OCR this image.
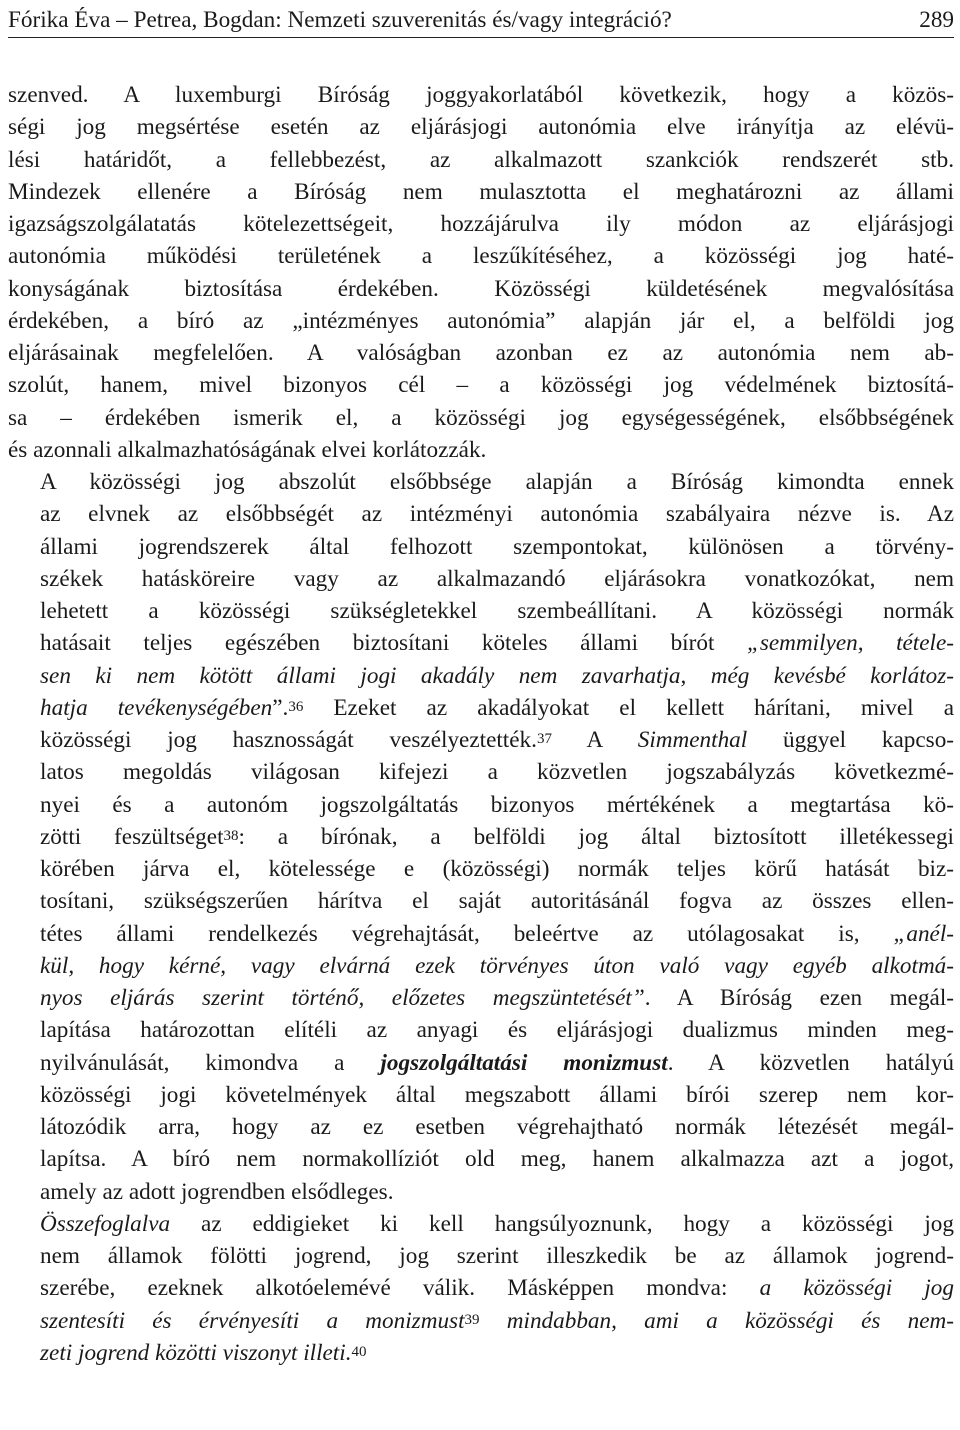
Fórika Éva – Petrea, Bogdan: Nemzeti szuverenitás és/vagy integráció?	289

szenved. A luxemburgi Bíróság joggyakorlatából következik, hogy a közös-
ségi jog megsértése esetén az eljárásjogi autonómia elve irányítja az elévü-
lési határidőt, a fellebbezést, az alkalmazott szankciók rendszerét stb.
Mindezek ellenére a Bíróság nem mulasztotta el meghatározni az állami
igazságszolgálatatás kötelezettségeit, hozzájárulva ily módon az eljárásjogi
autonómia működési területének a leszűkítéséhez, a közösségi jog haté-
konyságának biztosítása érdekében. Közösségi küldetésének megvalósítása
érdekében, a bíró az „intézményes autonómia” alapján jár el, a belföldi jog
eljárásainak megfelelően. A valóságban azonban ez az autonómia nem ab-
szolút, hanem, mivel bizonyos cél – a közösségi jog védelmének biztosítá-
sa – érdekében ismerik el, a közösségi jog egységességének, elsőbbségének
és azonnali alkalmazhatóságának elvei korlátozzák.

A közösségi jog abszolút elsőbbsége alapján a Bíróság kimondta ennek
az elvnek az elsőbbségét az intézményi autonómia szabályaira nézve is. Az
állami jogrendszerek által felhozott szempontokat, különösen a törvény-
székek hatásköreire vagy az alkalmazandó eljárásokra vonatkozókat, nem
lehetett a közösségi szükségletekkel szembeállítani. A közösségi normák
hatásait teljes egészében biztosítani köteles állami bírót „semmilyen, tétele-
sen ki nem kötött állami jogi akadály nem zavarhatja, még kevésbé korlátoz-
hatja tevékenységében”.$^{36}$ Ezeket az akadályokat el kellett hárítani, mivel a
közösségi jog hasznosságát veszélyeztették.$^{37}$ A Simmenthal üggyel kapcso-
latos megoldás világosan kifejezi a közvetlen jogszabályzás következmé-
nyei és a autonóm jogszolgáltatás bizonyos mértékének a megtartása kö-
zötti feszültséget$^{38}$: a bírónak, a belföldi jog által biztosított illetékessegi
körében járva el, kötelessége e (közösségi) normák teljes körű hatását biz-
tosítani, szükségszerűen hárítva el saját autoritásánál fogva az összes ellen-
tétes állami rendelkezés végrehajtását, beleértve az utólagosakat is, „anél-
kül, hogy kérné, vagy elvárná ezek törvényes úton való vagy egyéb alkotmá-
nyos eljárás szerint történő, előzetes megszüntetését”. A Bíróság ezen megál-
lapítása határozottan elítéli az anyagi és eljárásjogi dualizmus minden meg-
nyilvánulását, kimondva a jogszolgáltatási monizmust. A közvetlen hatályú
közösségi jogi követelmények által megszabott állami bírói szerep nem kor-
látozódik arra, hogy az ez esetben végrehajtható normák létezését megál-
lapítsa. A bíró nem normakollíziót old meg, hanem alkalmazza azt a jogot,
amely az adott jogrendben elsődleges.

Összefoglalva az eddigieket ki kell hangsúlyoznunk, hogy a közösségi jog
nem államok fölötti jogrend, jog szerint illeszkedik be az államok jogrend-
szerébe, ezeknek alkotóelemévé válik. Másképpen mondva: a közösségi jog
szentesíti és érvényesíti a monizmust$^{39}$ mindabban, ami a közösségi és nem-
zeti jogrend közötti viszonyt illeti.$^{40}$
